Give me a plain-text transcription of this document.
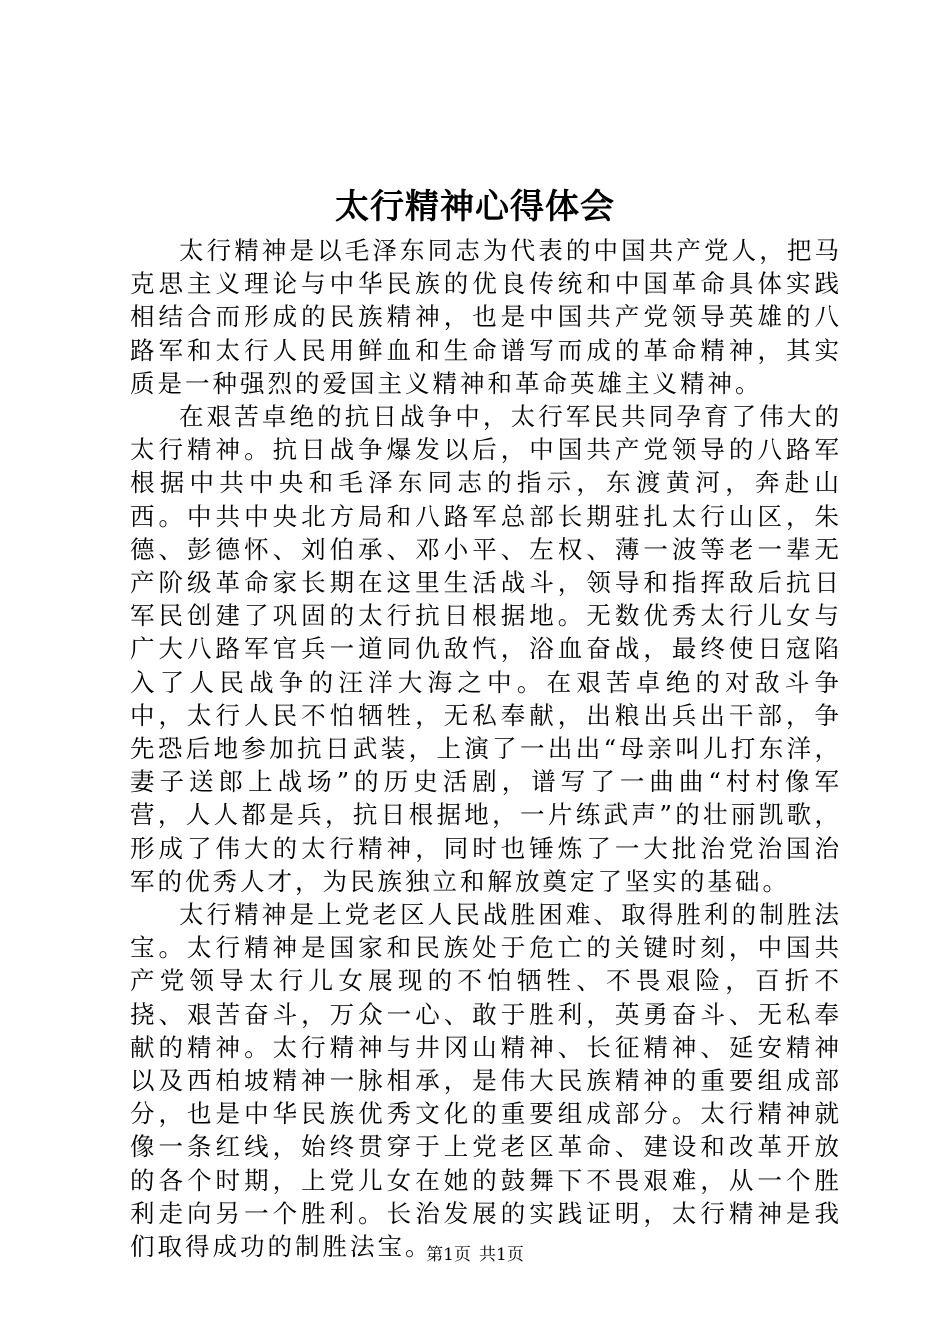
太行精神心得体会

太行精神是以毛泽东同志为代表的中国共产党人，把马克思主义理论与中华民族的优良传统和中国革命具体实践相结合而形成的民族精神，也是中国共产党领导英雄的八路军和太行人民用鲜血和生命谱写而成的革命精神，其实质是一种强烈的爱国主义精神和革命英雄主义精神。

在艰苦卓绝的抗日战争中，太行军民共同孕育了伟大的太行精神。抗日战争爆发以后，中国共产党领导的八路军根据中共中央和毛泽东同志的指示，东渡黄河，奔赴山西。中共中央北方局和八路军总部长期驻扎太行山区，朱德、彭德怀、刘伯承、邓小平、左权、薄一波等老一辈无产阶级革命家长期在这里生活战斗，领导和指挥敌后抗日军民创建了巩固的太行抗日根据地。无数优秀太行儿女与广大八路军官兵一道同仇敌忾，浴血奋战，最终使日寇陷入了人民战争的汪洋大海之中。在艰苦卓绝的对敌斗争中，太行人民不怕牺牲，无私奉献，出粮出兵出干部，争先恐后地参加抗日武装，上演了一出出“母亲叫儿打东洋，妻子送郎上战场”的历史活剧，谱写了一曲曲“村村像军营，人人都是兵，抗日根据地，一片练武声”的壮丽凯歌，形成了伟大的太行精神，同时也锤炼了一大批治党治国治军的优秀人才，为民族独立和解放奠定了坚实的基础。

太行精神是上党老区人民战胜困难、取得胜利的制胜法宝。太行精神是国家和民族处于危亡的关键时刻，中国共产党领导太行儿女展现的不怕牺牲、不畏艰险，百折不挠、艰苦奋斗，万众一心、敢于胜利，英勇奋斗、无私奉献的精神。太行精神与井冈山精神、长征精神、延安精神以及西柏坡精神一脉相承，是伟大民族精神的重要组成部分，也是中华民族优秀文化的重要组成部分。太行精神就像一条红线，始终贯穿于上党老区革命、建设和改革开放的各个时期，上党儿女在她的鼓舞下不畏艰难，从一个胜利走向另一个胜利。长治发展的实践证明，太行精神是我们取得成功的制胜法宝。

第1页 共1页
